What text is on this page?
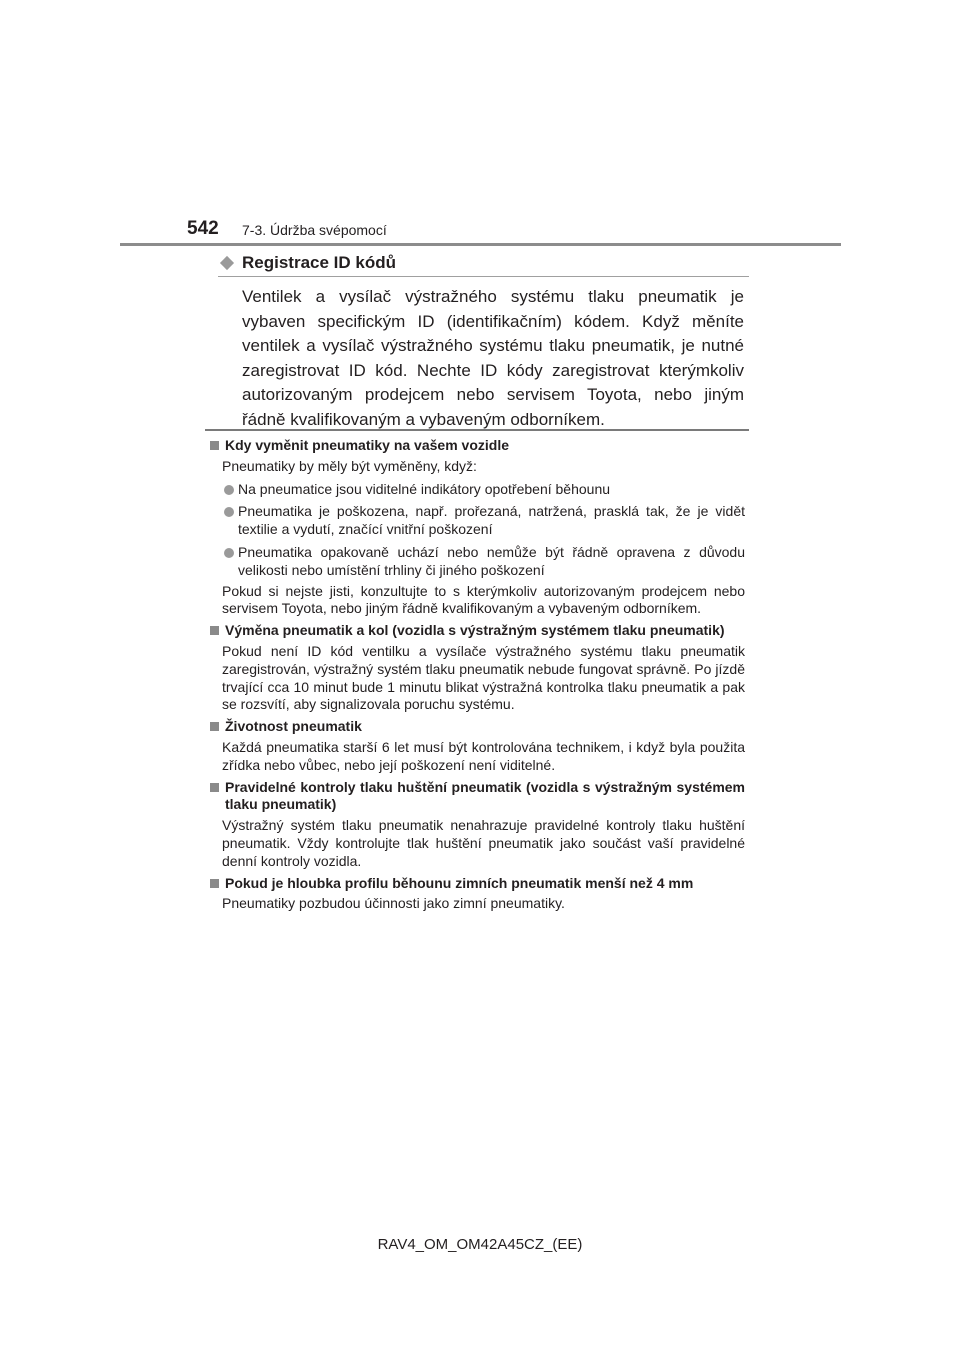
542 7-3. Údržba svépomocí
Registrace ID kódů

Ventilek a vysílač výstražného systému tlaku pneumatik je vybaven specifickým ID (identifikačním) kódem. Když měníte ventilek a vysílač výstražného systému tlaku pneumatik, je nutné zaregistrovat ID kód. Nechte ID kódy zaregistrovat kterýmkoliv autorizovaným prodejcem nebo servisem Toyota, nebo jiným řádně kvalifikovaným a vybaveným odborníkem.

Kdy vyměnit pneumatiky na vašem vozidle
Pneumatiky by měly být vyměněny, když:
Na pneumatice jsou viditelné indikátory opotřebení běhounu
Pneumatika je poškozena, např. prořezaná, natržená, prasklá tak, že je vidět textilie a vydutí, značící vnitřní poškození
Pneumatika opakovaně uchází nebo nemůže být řádně opravena z důvodu velikosti nebo umístění trhliny či jiného poškození
Pokud si nejste jisti, konzultujte to s kterýmkoliv autorizovaným prodejcem nebo servisem Toyota, nebo jiným řádně kvalifikovaným a vybaveným odborníkem.
Výměna pneumatik a kol (vozidla s výstražným systémem tlaku pneumatik)
Pokud není ID kód ventilku a vysílače výstražného systému tlaku pneumatik zaregistrován, výstražný systém tlaku pneumatik nebude fungovat správně. Po jízdě trvající cca 10 minut bude 1 minutu blikat výstražná kontrolka tlaku pneumatik a pak se rozsvítí, aby signalizovala poruchu systému.
Životnost pneumatik
Každá pneumatika starší 6 let musí být kontrolována technikem, i když byla použita zřídka nebo vůbec, nebo její poškození není viditelné.
Pravidelné kontroly tlaku huštění pneumatik (vozidla s výstražným systémem tlaku pneumatik)
Výstražný systém tlaku pneumatik nenahrazuje pravidelné kontroly tlaku huštění pneumatik. Vždy kontrolujte tlak huštění pneumatik jako součást vaší pravidelné denní kontroly vozidla.
Pokud je hloubka profilu běhounu zimních pneumatik menší než 4 mm
Pneumatiky pozbudou účinnosti jako zimní pneumatiky.
RAV4_OM_OM42A45CZ_(EE)
